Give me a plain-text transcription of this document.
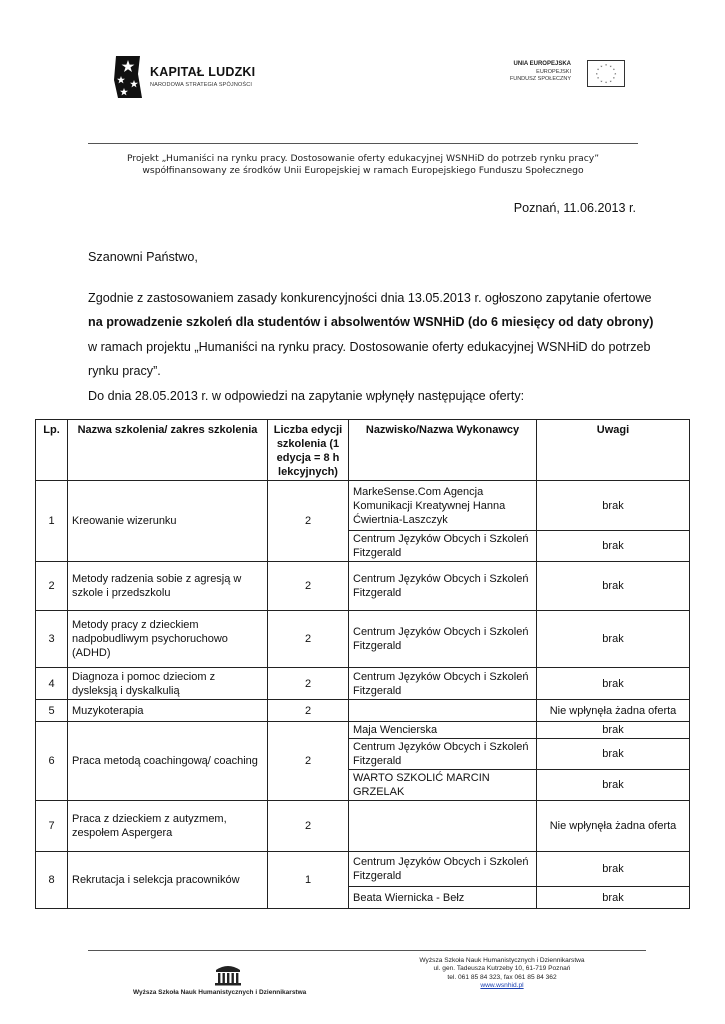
KAPITAŁ LUDZKI
NARODOWA STRATEGIA SPÓJNOŚCI
UNIA EUROPEJSKA
EUROPEJSKI
FUNDUSZ SPOŁECZNY
* *
*
*
*
*
*
*
*
*
*
*
Projekt „Humaniści na rynku pracy. Dostosowanie oferty edukacyjnej WSNHiD do potrzeb rynku pracy”
współfinansowany ze środków Unii Europejskiej w ramach Europejskiego Funduszu Społecznego
Poznań, 11.06.2013 r.
Szanowni Państwo,
Zgodnie z zastosowaniem zasady konkurencyjności dnia 13.05.2013 r. ogłoszono zapytanie ofertowe
na prowadzenie szkoleń dla studentów i absolwentów WSNHiD (do 6 miesięcy od daty obrony)
w ramach projektu „Humaniści na rynku pracy. Dostosowanie oferty edukacyjnej WSNHiD do potrzeb
rynku pracy”.
Do dnia 28.05.2013 r. w odpowiedzi na zapytanie wpłynęły następujące oferty:
Lp.	Nazwa szkolenia/ zakres szkolenia	Liczba edycji szkolenia (1 edycja = 8 h lekcyjnych)	Nazwisko/Nazwa Wykonawcy	Uwagi
1	Kreowanie wizerunku	2	MarkeSense.Com Agencja Komunikacji Kreatywnej Hanna Ćwiertnia-Laszczyk	brak
			Centrum Języków Obcych i Szkoleń Fitzgerald	brak
2	Metody radzenia sobie z agresją w szkole i przedszkolu	2	Centrum Języków Obcych i Szkoleń Fitzgerald	brak
3	Metody pracy z dzieckiem nadpobudliwym psychoruchowo (ADHD)	2	Centrum Języków Obcych i Szkoleń Fitzgerald	brak
4	Diagnoza i pomoc dzieciom z dysleksją i dyskalkulią	2	Centrum Języków Obcych i Szkoleń Fitzgerald	brak
5	Muzykoterapia	2		Nie wpłynęła żadna oferta
6	Praca metodą coachingową/ coaching	2	Maja Wencierska	brak
			Centrum Języków Obcych i Szkoleń Fitzgerald	brak
			WARTO SZKOLIĆ MARCIN GRZELAK	brak
7	Praca z dzieckiem z autyzmem, zespołem Aspergera	2		Nie wpłynęła żadna oferta
8	Rekrutacja i selekcja pracowników	1	Centrum Języków Obcych i Szkoleń Fitzgerald	brak
			Beata Wiernicka - Bełz	brak
Wyższa Szkoła Nauk Humanistycznych i Dziennikarstwa
Wyższa Szkoła Nauk Humanistycznych i Dziennikarstwa
ul. gen. Tadeusza Kutrzeby 10, 61-719 Poznań
tel. 061 85 84 323, fax 061 85 84 362
www.wsnhid.pl
